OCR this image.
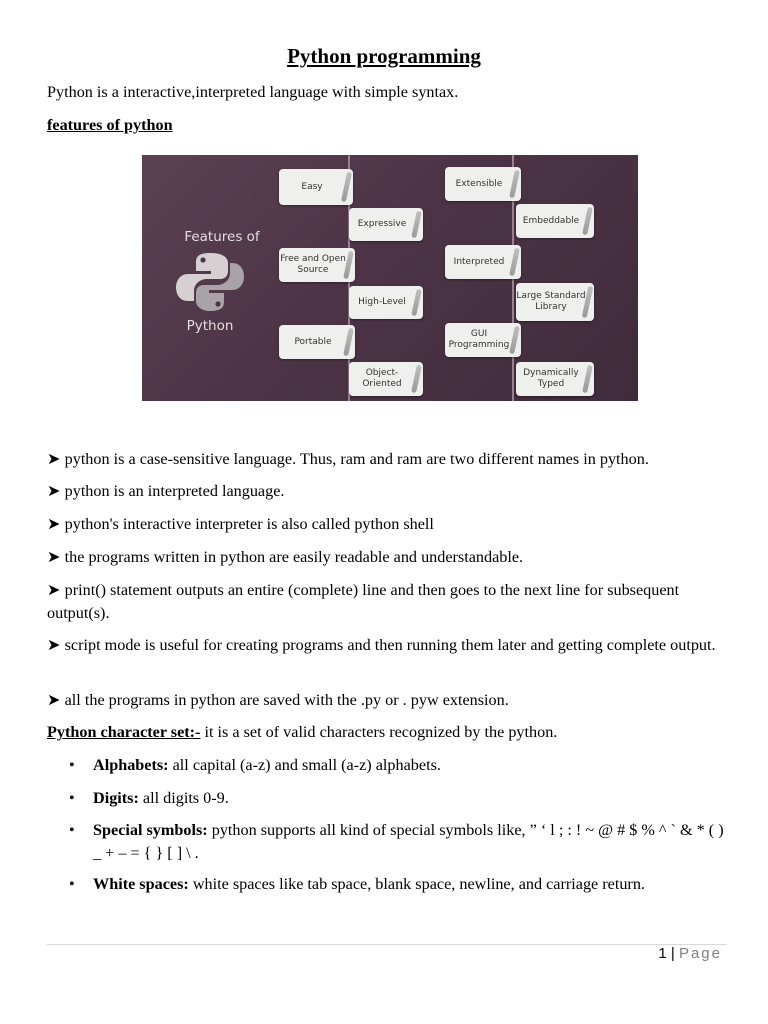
Python programming
Python is a interactive,interpreted language with simple syntax.
features of python
Features of
Python
Easy
Expressive
Free and Open Source
High-Level
Portable
Object-Oriented
Extensible
Embeddable
Interpreted
Large Standard Library
GUI Programming
Dynamically Typed
➤ python is a case-sensitive language. Thus, ram and ram are two different names in python.
➤ python is an interpreted language.
➤ python's interactive interpreter is also called python shell
➤ the programs written in python are easily readable and understandable.
➤ print() statement outputs an entire (complete) line and then goes to the next line for subsequent output(s).
➤ script mode is useful for creating programs and then running them later and getting complete output.
➤ all the programs in python are saved with the .py or . pyw extension.
Python character set:- it is a set of valid characters recognized by the python.
• Alphabets: all capital (a-z) and small (a-z) alphabets.
• Digits: all digits 0-9.
• Special symbols: python supports all kind of special symbols like, ” ‘ l ; : ! ~ @ # $ % ^ ` & * ( ) _ + – = { } [ ] \ .
• White spaces: white spaces like tab space, blank space, newline, and carriage return.
1 | Page
